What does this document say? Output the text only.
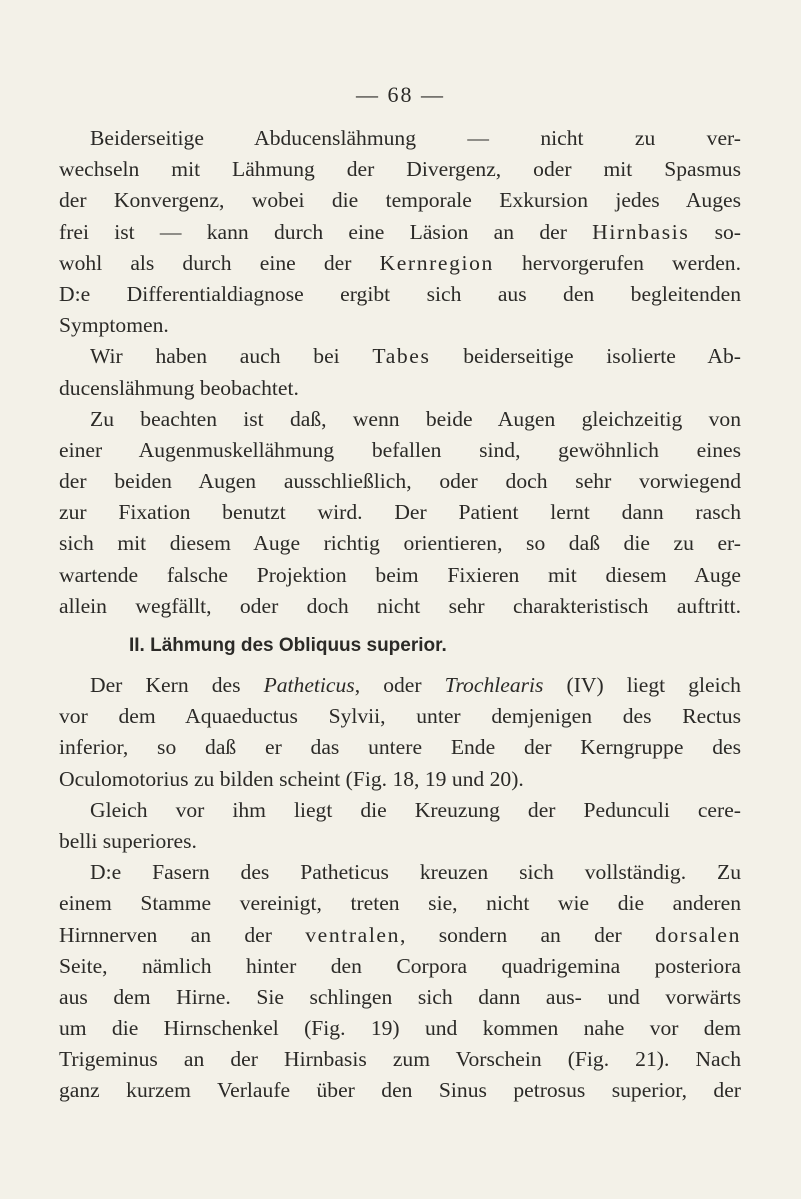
— 68 —
Beiderseitige Abducenslähmung — nicht zu ver-
wechseln mit Lähmung der Divergenz, oder mit Spasmus
der Konvergenz, wobei die temporale Exkursion jedes Auges
frei ist — kann durch eine Läsion an der Hirnbasis so-
wohl als durch eine der Kernregion hervorgerufen werden.
D:e Differentialdiagnose ergibt sich aus den begleitenden
Symptomen.
Wir haben auch bei Tabes beiderseitige isolierte Ab-
ducenslähmung beobachtet.
Zu beachten ist daß, wenn beide Augen gleichzeitig von
einer Augenmuskellähmung befallen sind, gewöhnlich eines
der beiden Augen ausschließlich, oder doch sehr vorwiegend
zur Fixation benutzt wird. Der Patient lernt dann rasch
sich mit diesem Auge richtig orientieren, so daß die zu er-
wartende falsche Projektion beim Fixieren mit diesem Auge
allein wegfällt, oder doch nicht sehr charakteristisch auftritt.
II. Lähmung des Obliquus superior.
Der Kern des Patheticus, oder Trochlearis (IV) liegt gleich
vor dem Aquaeductus Sylvii, unter demjenigen des Rectus
inferior, so daß er das untere Ende der Kerngruppe des
Oculomotorius zu bilden scheint (Fig. 18, 19 und 20).
Gleich vor ihm liegt die Kreuzung der Pedunculi cere-
belli superiores.
D:e Fasern des Patheticus kreuzen sich vollständig. Zu
einem Stamme vereinigt, treten sie, nicht wie die anderen
Hirnnerven an der ventralen, sondern an der dorsalen
Seite, nämlich hinter den Corpora quadrigemina posteriora
aus dem Hirne. Sie schlingen sich dann aus- und vorwärts
um die Hirnschenkel (Fig. 19) und kommen nahe vor dem
Trigeminus an der Hirnbasis zum Vorschein (Fig. 21). Nach
ganz kurzem Verlaufe über den Sinus petrosus superior, der
